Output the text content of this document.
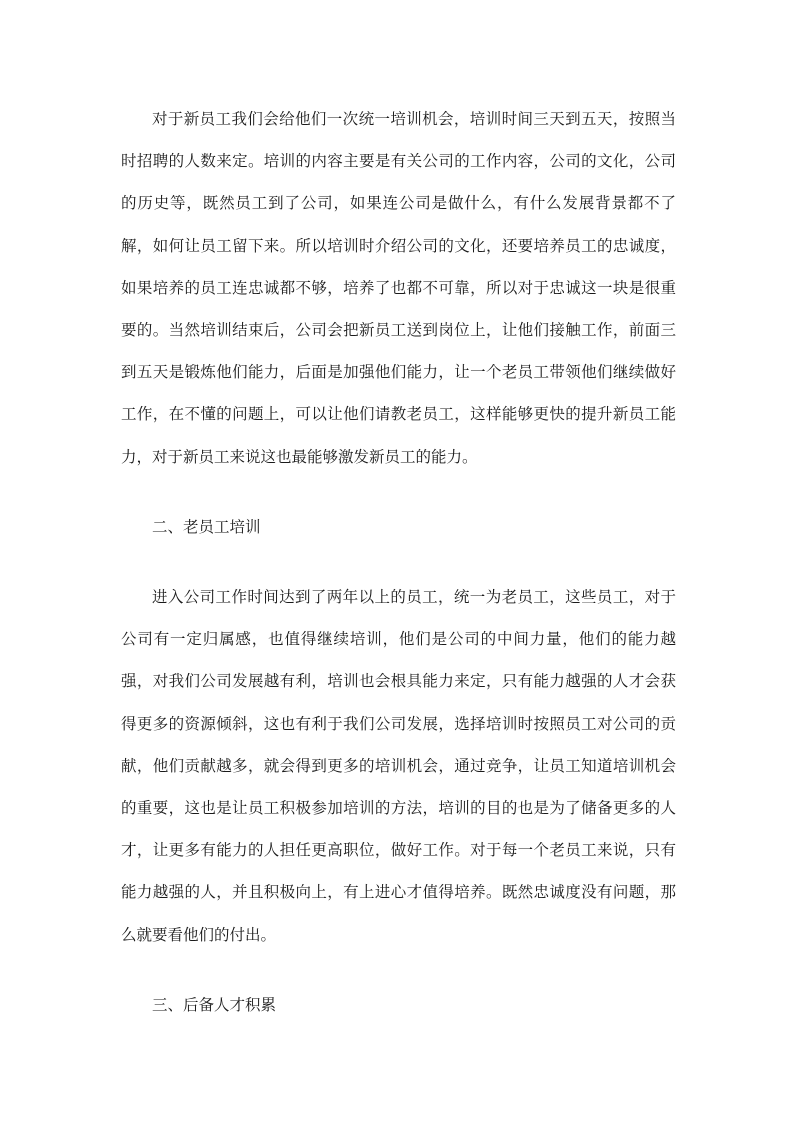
对于新员工我们会给他们一次统一培训机会，培训时间三天到五天，按照当时招聘的人数来定。培训的内容主要是有关公司的工作内容，公司的文化，公司的历史等，既然员工到了公司，如果连公司是做什么，有什么发展背景都不了解，如何让员工留下来。所以培训时介绍公司的文化，还要培养员工的忠诚度，如果培养的员工连忠诚都不够，培养了也都不可靠，所以对于忠诚这一块是很重要的。当然培训结束后，公司会把新员工送到岗位上，让他们接触工作，前面三到五天是锻炼他们能力，后面是加强他们能力，让一个老员工带领他们继续做好工作，在不懂的问题上，可以让他们请教老员工，这样能够更快的提升新员工能力，对于新员工来说这也最能够激发新员工的能力。

二、老员工培训

进入公司工作时间达到了两年以上的员工，统一为老员工，这些员工，对于公司有一定归属感，也值得继续培训，他们是公司的中间力量，他们的能力越强，对我们公司发展越有利，培训也会根具能力来定，只有能力越强的人才会获得更多的资源倾斜，这也有利于我们公司发展，选择培训时按照员工对公司的贡献，他们贡献越多，就会得到更多的培训机会，通过竞争，让员工知道培训机会的重要，这也是让员工积极参加培训的方法，培训的目的也是为了储备更多的人才，让更多有能力的人担任更高职位，做好工作。对于每一个老员工来说，只有能力越强的人，并且积极向上，有上进心才值得培养。既然忠诚度没有问题，那么就要看他们的付出。

三、后备人才积累
